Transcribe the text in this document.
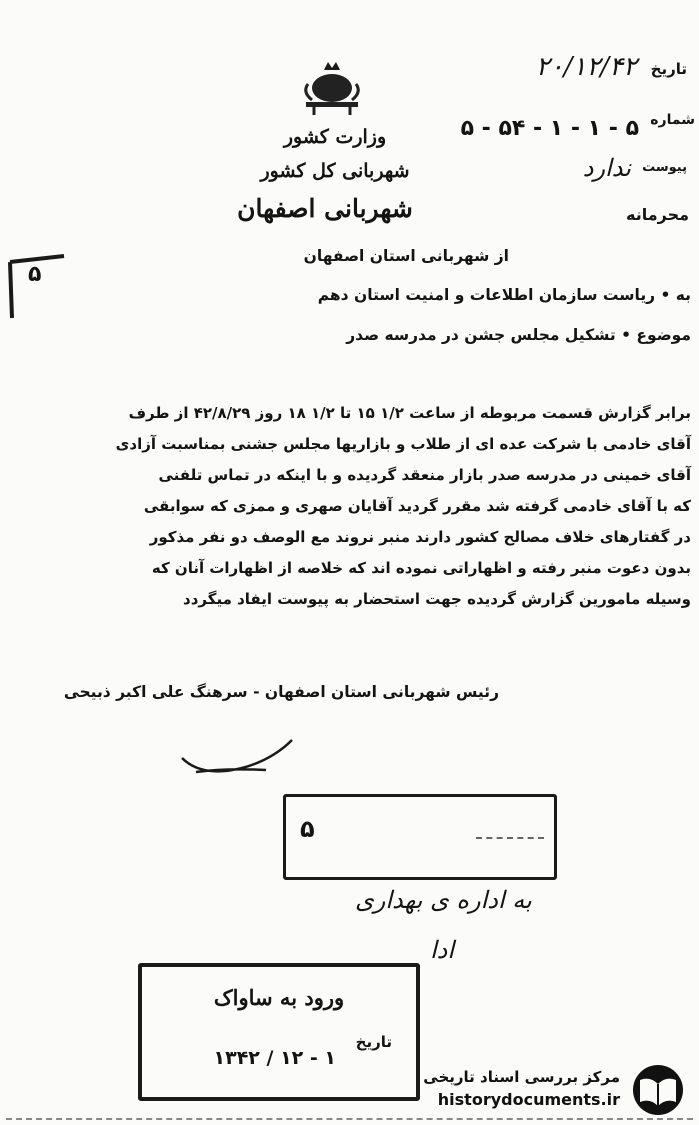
تاریخ
۲۰/۱۲/۴۲
شماره
۵ - ۱ - ۱ - ۵۴ - ۵
پیوست
ندارد
وزارت کشور
شهربانی کل کشور
شهربانی اصفهان	محرمانه
۵
از شهربانی استان اصفهان
به • ریاست سازمان اطلاعات و امنیت استان دهم
موضوع • تشکیل مجلس جشن در مدرسه صدر
برابر گزارش قسمت مربوطه از ساعت ۱/۲ ۱۵ تا ۱/۲ ۱۸ روز ۴۲/۸/۲۹ از طرف
آقای خادمی با شرکت عده ای از طلاب و بازاریها مجلس جشنی بمناسبت آزادی
آقای خمینی در مدرسه صدر بازار منعقد گردیده و با اینکه در تماس تلفنی
که با آقای خادمی گرفته شد مقرر گردید آقایان صهری و ممزی که سوابقی
در گفتارهای خلاف مصالح کشور دارند منبر نروند مع الوصف دو نفر مذکور
بدون دعوت منبر رفته و اظهاراتی نموده اند که خلاصه از اظهارات آنان که
وسیله مامورین گزارش گردیده جهت استحضار به پیوست ایفاد میگردد
رئیس شهربانی استان اصفهان - سرهنگ علی اکبر ذبیحی
۵
به اداره ی بهداری
ادا
ورود به ساواک
تاریخ
۱ - ۱۲ / ۱۳۴۲
مرکز بررسی اسناد تاریخی
historydocuments.ir
